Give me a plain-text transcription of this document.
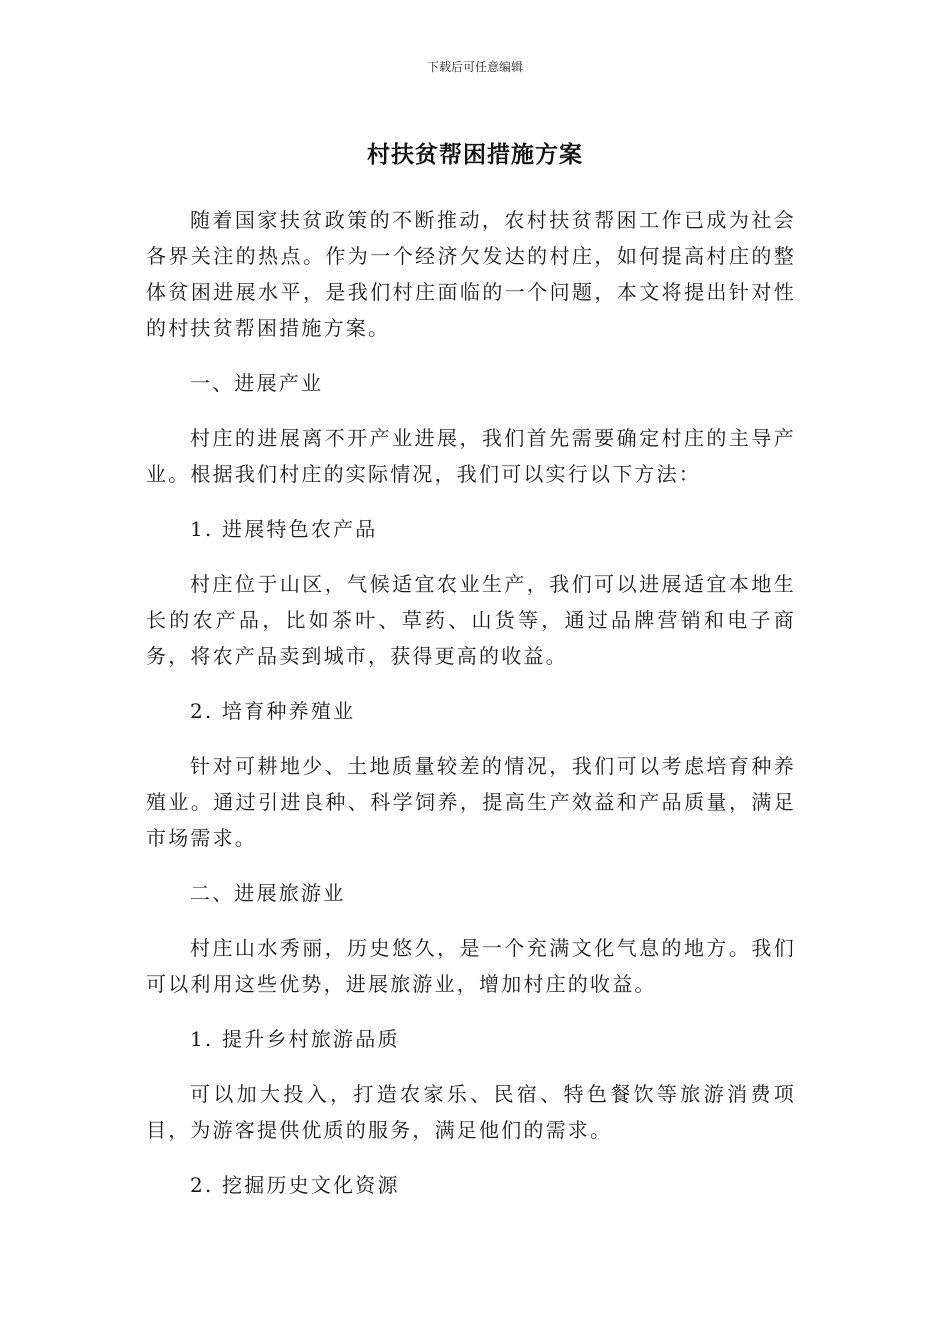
下载后可任意编辑
村扶贫帮困措施方案

随着国家扶贫政策的不断推动，农村扶贫帮困工作已成为社会各界关注的热点。作为一个经济欠发达的村庄，如何提高村庄的整体贫困进展水平，是我们村庄面临的一个问题，本文将提出针对性的村扶贫帮困措施方案。

一、进展产业

村庄的进展离不开产业进展，我们首先需要确定村庄的主导产业。根据我们村庄的实际情况，我们可以实行以下方法：

1. 进展特色农产品

村庄位于山区，气候适宜农业生产，我们可以进展适宜本地生长的农产品，比如茶叶、草药、山货等，通过品牌营销和电子商务，将农产品卖到城市，获得更高的收益。

2. 培育种养殖业

针对可耕地少、土地质量较差的情况，我们可以考虑培育种养殖业。通过引进良种、科学饲养，提高生产效益和产品质量，满足市场需求。

二、进展旅游业

村庄山水秀丽，历史悠久，是一个充满文化气息的地方。我们可以利用这些优势，进展旅游业，增加村庄的收益。

1. 提升乡村旅游品质

可以加大投入，打造农家乐、民宿、特色餐饮等旅游消费项目，为游客提供优质的服务，满足他们的需求。

2. 挖掘历史文化资源
